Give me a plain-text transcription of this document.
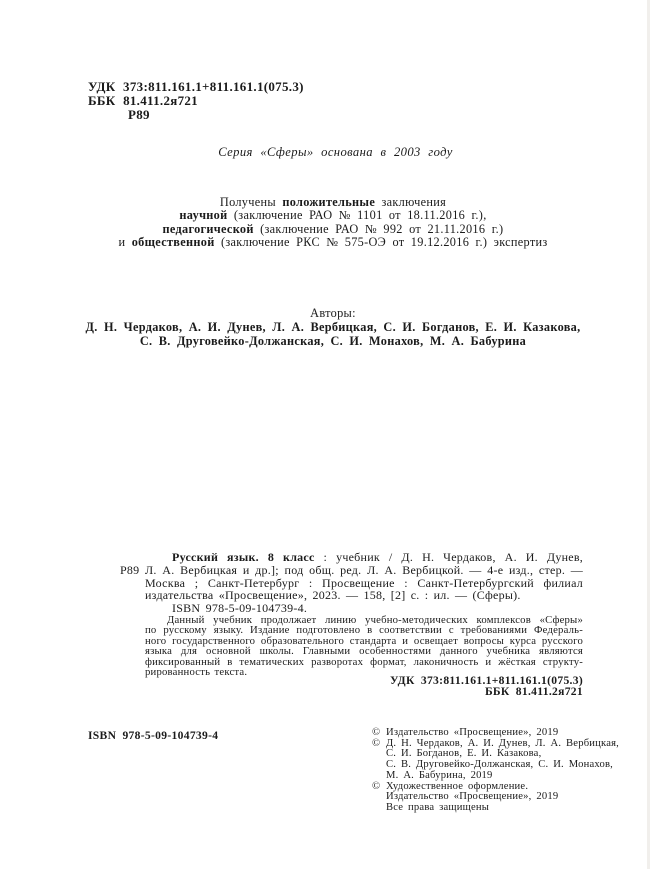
УДК 373:811.161.1+811.161.1(075.3)
ББК 81.411.2я721
Р89
Серия «Сферы» основана в 2003 году
Получены положительные заключения
научной (заключение РАО № 1101 от 18.11.2016 г.),
педагогической (заключение РАО № 992 от 21.11.2016 г.)
и общественной (заключение РКС № 575-ОЭ от 19.12.2016 г.) экспертиз
Авторы:
Д. Н. Чердаков, А. И. Дунев, Л. А. Вербицкая, С. И. Богданов, Е. И. Казакова,
С. В. Друговейко-Должанская, С. И. Монахов, М. А. Бабурина
Р89
Русский язык. 8 класс : учебник / Д. Н. Чердаков, А. И. Дунев,
Л. А. Вербицкая и др.]; под общ. ред. Л. А. Вербицкой. — 4-е изд., стер. —
Москва ; Санкт-Петербург : Просвещение : Санкт-Петербургский филиал
издательства «Просвещение», 2023. — 158, [2] с. : ил. — (Сферы).
ISBN 978-5-09-104739-4.
Данный учебник продолжает линию учебно-методических комплексов «Сферы»
по русскому языку. Издание подготовлено в соответствии с требованиями Федераль-
ного государственного образовательного стандарта и освещает вопросы курса русского
языка для основной школы. Главными особенностями данного учебника являются
фиксированный в тематических разворотах формат, лаконичность и жёсткая структу-
рированность текста.
УДК 373:811.161.1+811.161.1(075.3)
ББК 81.411.2я721
ISBN 978-5-09-104739-4	© Издательство «Просвещение», 2019
© Д. Н. Чердаков, А. И. Дунев, Л. А. Вербицкая,
С. И. Богданов, Е. И. Казакова,
С. В. Друговейко-Должанская, С. И. Монахов,
М. А. Бабурина, 2019
© Художественное оформление.
Издательство «Просвещение», 2019
Все права защищены
